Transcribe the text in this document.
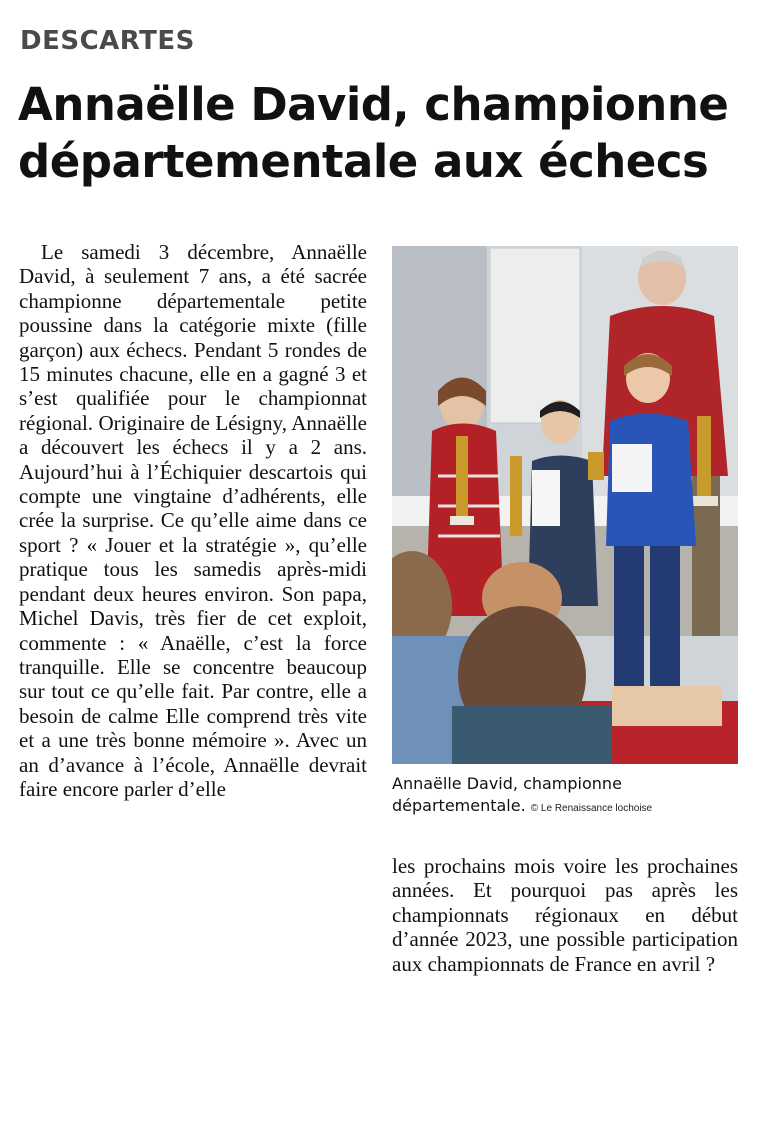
DESCARTES
Annaëlle David, championne départementale aux échecs

Le samedi 3 décembre, Annaëlle David, à seulement 7 ans, a été sacrée championne départementale petite poussine dans la catégorie mixte (fille garçon) aux échecs. Pendant 5 rondes de 15 minutes chacune, elle en a gagné 3 et s’est qualifiée pour le championnat régional. Originaire de Lésigny, Annaëlle a découvert les échecs il y a 2 ans. Aujourd’hui à l’Échiquier descartois qui compte une vingtaine d’adhérents, elle crée la surprise. Ce qu’elle aime dans ce sport ? « Jouer et la stratégie », qu’elle pratique tous les samedis après-midi pendant deux heures environ. Son papa, Michel Davis, très fier de cet exploit, commente : « Anaëlle, c’est la force tranquille. Elle se concentre beaucoup sur tout ce qu’elle fait. Par contre, elle a besoin de calme Elle comprend très vite et a une très bonne mémoire ». Avec un an d’avance à l’école, Annaëlle devrait faire encore parler d’elle	Annaëlle David, championne départementale. © Le Renaissance lochoise

les prochains mois voire les prochaines années. Et pourquoi pas après les championnats régionaux en début d’année 2023, une possible participation aux championnats de France en avril ?
